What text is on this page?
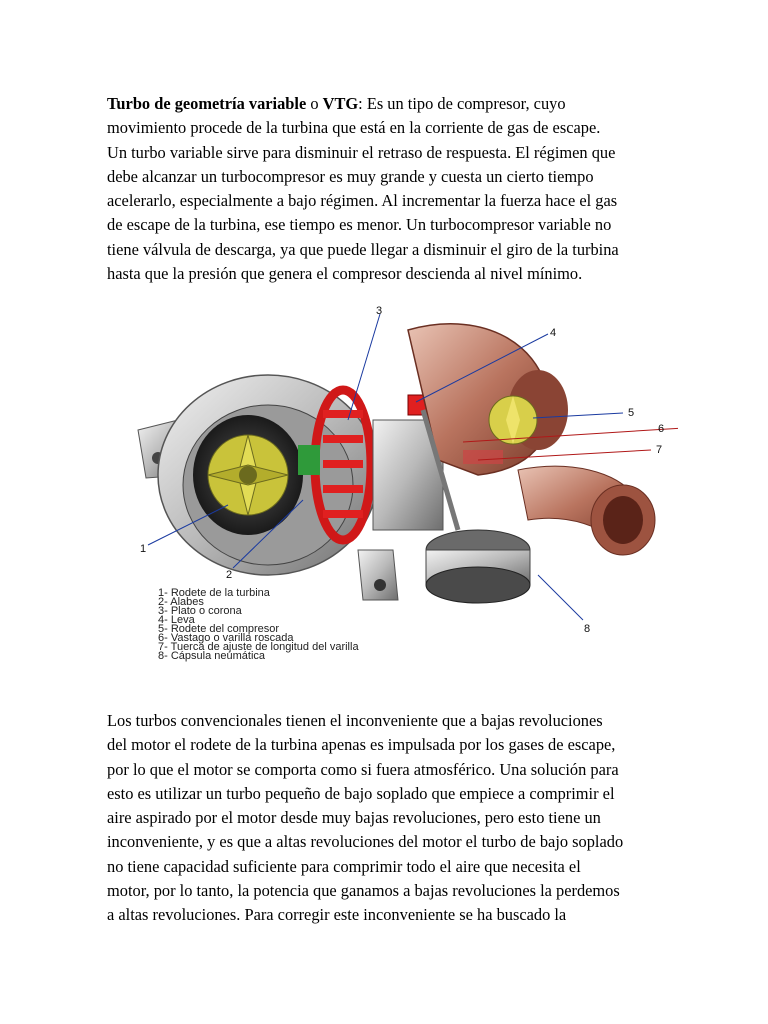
Turbo de geometría variable o VTG: Es un tipo de compresor, cuyo
movimiento procede de la turbina que está en la corriente de gas de escape.
Un turbo variable sirve para disminuir el retraso de respuesta. El régimen que
debe alcanzar un turbocompresor es muy grande y cuesta un cierto tiempo
acelerarlo, especialmente a bajo régimen. Al incrementar la fuerza hace el gas
de escape de la turbina, ese tiempo es menor. Un turbocompresor variable no
tiene válvula de descarga, ya que puede llegar a disminuir el giro de la turbina
hasta que la presión que genera el compresor descienda al nivel mínimo.
1
2
3
4
5
6
7
8
1- Rodete de la turbina
2- Alabes
3- Plato o corona
4- Leva
5- Rodete del compresor
6- Vastago o varilla roscada
7- Tuerca de ajuste de longitud del varilla
8- Cápsula neumática
Los turbos convencionales tienen el inconveniente que a bajas revoluciones
del motor el rodete de la turbina apenas es impulsada por los gases de escape,
por lo que el motor se comporta como si fuera atmosférico. Una solución para
esto es utilizar un turbo pequeño de bajo soplado que empiece a comprimir el
aire aspirado por el motor desde muy bajas revoluciones, pero esto tiene un
inconveniente, y es que a altas revoluciones del motor el turbo de bajo soplado
no tiene capacidad suficiente para comprimir todo el aire que necesita el
motor, por lo tanto, la potencia que ganamos a bajas revoluciones la perdemos
a altas revoluciones. Para corregir este inconveniente se ha buscado la
